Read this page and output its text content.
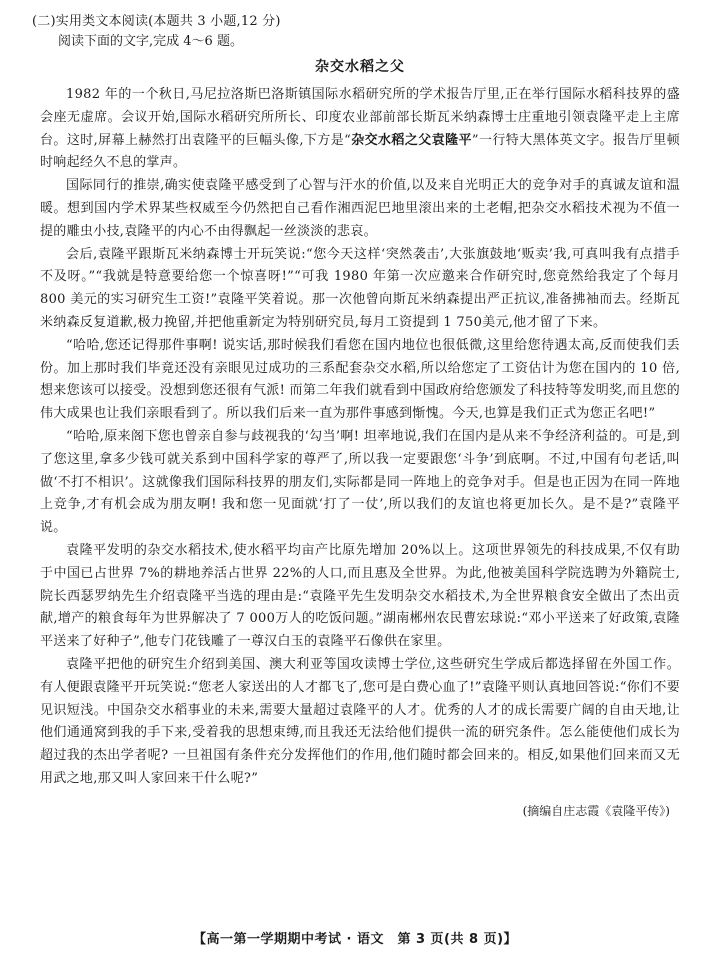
(二)实用类文本阅读(本题共 3 小题,12 分)

阅读下面的文字,完成 4～6 题。

杂交水稻之父

1982 年的一个秋日,马尼拉洛斯巴洛斯镇国际水稻研究所的学术报告厅里,正在举行国际水稻科技界的盛会座无虚席。会议开始,国际水稻研究所所长、印度农业部前部长斯瓦米纳森博士庄重地引领袁隆平走上主席台。这时,屏幕上赫然打出袁隆平的巨幅头像,下方是“杂交水稻之父袁隆平”一行特大黑体英文字。报告厅里顿时响起经久不息的掌声。

国际同行的推崇,确实使袁隆平感受到了心智与汗水的价值,以及来自光明正大的竞争对手的真诚友谊和温暖。想到国内学术界某些权威至今仍然把自己看作湘西泥巴地里滚出来的土老帽,把杂交水稻技术视为不值一提的雕虫小技,袁隆平的内心不由得飘起一丝淡淡的悲哀。

会后,袁隆平跟斯瓦米纳森博士开玩笑说:“您今天这样‘突然袭击’,大张旗鼓地‘贩卖’我,可真叫我有点措手不及呀。”“我就是特意要给您一个惊喜呀!”“可我 1980 年第一次应邀来合作研究时,您竟然给我定了个每月 800 美元的实习研究生工资!”袁隆平笑着说。那一次他曾向斯瓦米纳森提出严正抗议,准备拂袖而去。经斯瓦米纳森反复道歉,极力挽留,并把他重新定为特别研究员,每月工资提到 1 750美元,他才留了下来。

“哈哈,您还记得那件事啊! 说实话,那时候我们看您在国内地位也很低微,这里给您待遇太高,反而使我们丢份。加上那时我们毕竟还没有亲眼见过成功的三系配套杂交水稻,所以给您定了工资估计为您在国内的 10 倍,想来您该可以接受。没想到您还很有气派! 而第二年我们就看到中国政府给您颁发了科技特等发明奖,而且您的伟大成果也让我们亲眼看到了。所以我们后来一直为那件事感到惭愧。今天,也算是我们正式为您正名吧!”

“哈哈,原来阁下您也曾亲自参与歧视我的‘勾当’啊! 坦率地说,我们在国内是从来不争经济利益的。可是,到了您这里,拿多少钱可就关系到中国科学家的尊严了,所以我一定要跟您‘斗争’到底啊。不过,中国有句老话,叫做‘不打不相识’。这就像我们国际科技界的朋友们,实际都是同一阵地上的竞争对手。但是也正因为在同一阵地上竞争,才有机会成为朋友啊! 我和您一见面就‘打了一仗’,所以我们的友谊也将更加长久。是不是?”袁隆平说。

袁隆平发明的杂交水稻技术,使水稻平均亩产比原先增加 20%以上。这项世界领先的科技成果,不仅有助于中国已占世界 7%的耕地养活占世界 22%的人口,而且惠及全世界。为此,他被美国科学院选聘为外籍院士,院长西瑟罗纳先生介绍袁隆平当选的理由是:“袁隆平先生发明杂交水稻技术,为全世界粮食安全做出了杰出贡献,增产的粮食每年为世界解决了 7 000万人的吃饭问题。”湖南郴州农民曹宏球说:“邓小平送来了好政策,袁隆平送来了好种子”,他专门花钱雕了一尊汉白玉的袁隆平石像供在家里。

袁隆平把他的研究生介绍到美国、澳大利亚等国攻读博士学位,这些研究生学成后都选择留在外国工作。有人便跟袁隆平开玩笑说:“您老人家送出的人才都飞了,您可是白费心血了!”袁隆平则认真地回答说:“你们不要见识短浅。中国杂交水稻事业的未来,需要大量超过袁隆平的人才。优秀的人才的成长需要广阔的自由天地,让他们通通窝到我的手下来,受着我的思想束缚,而且我还无法给他们提供一流的研究条件。怎么能使他们成长为超过我的杰出学者呢? 一旦祖国有条件充分发挥他们的作用,他们随时都会回来的。相反,如果他们回来而又无用武之地,那又叫人家回来干什么呢?”

(摘编自庄志霞《袁隆平传》)

【高一第一学期期中考试 · 语文　第 3 页(共 8 页)】
